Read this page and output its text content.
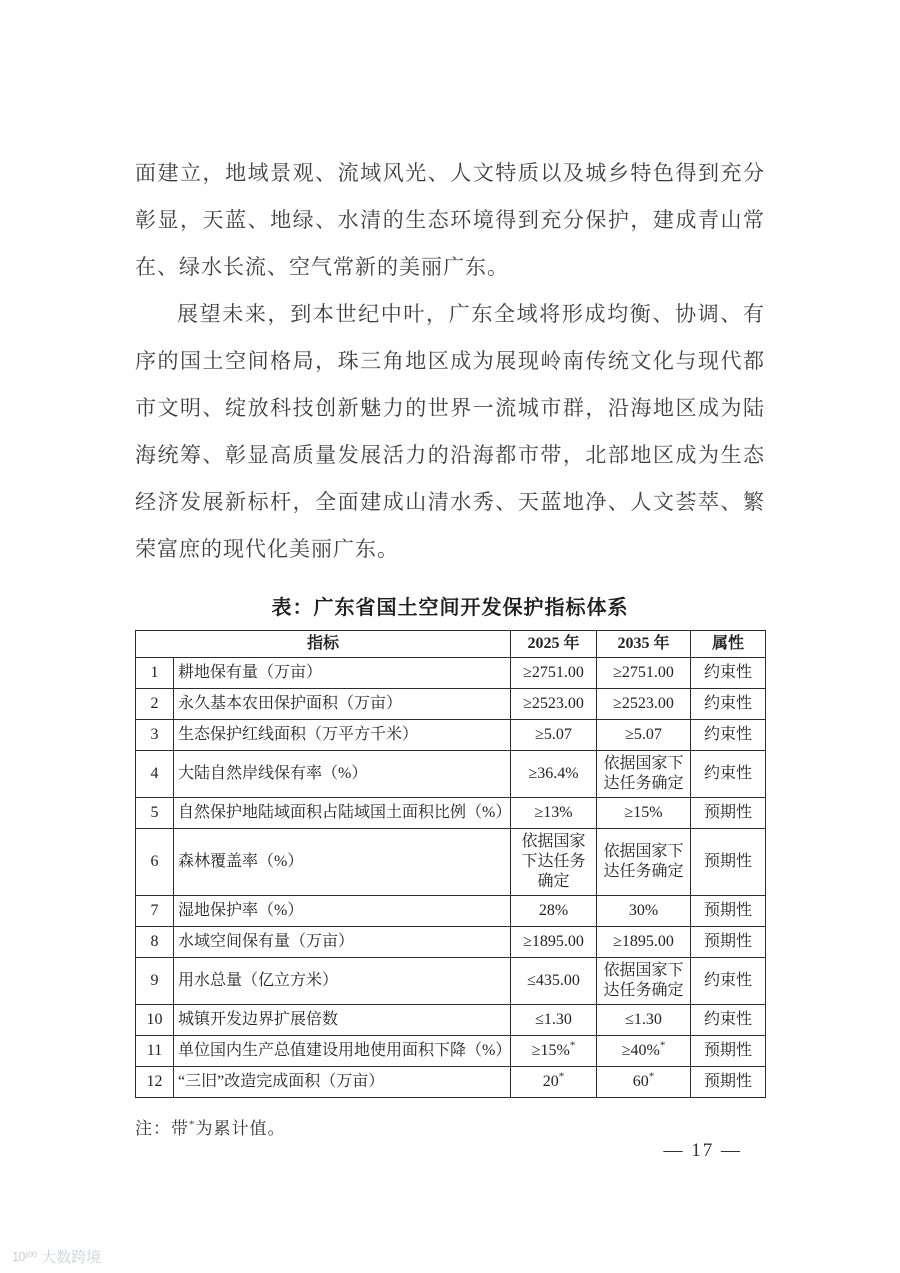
面建立，地域景观、流域风光、人文特质以及城乡特色得到充分彰显，天蓝、地绿、水清的生态环境得到充分保护，建成青山常在、绿水长流、空气常新的美丽广东。

展望未来，到本世纪中叶，广东全域将形成均衡、协调、有序的国土空间格局，珠三角地区成为展现岭南传统文化与现代都市文明、绽放科技创新魅力的世界一流城市群，沿海地区成为陆海统筹、彰显高质量发展活力的沿海都市带，北部地区成为生态经济发展新标杆，全面建成山清水秀、天蓝地净、人文荟萃、繁荣富庶的现代化美丽广东。

表：广东省国土空间开发保护指标体系
指标		2025 年	2035 年	属性
1	耕地保有量（万亩）	≥2751.00	≥2751.00	约束性
2	永久基本农田保护面积（万亩）	≥2523.00	≥2523.00	约束性
3	生态保护红线面积（万平方千米）	≥5.07	≥5.07	约束性
4	大陆自然岸线保有率（%）	≥36.4%	依据国家下达任务确定	约束性
5	自然保护地陆域面积占陆域国土面积比例（%）	≥13%	≥15%	预期性
6	森林覆盖率（%）	依据国家下达任务确定	依据国家下达任务确定	预期性
7	湿地保护率（%）	28%	30%	预期性
8	水域空间保有量（万亩）	≥1895.00	≥1895.00	预期性
9	用水总量（亿立方米）	≤435.00	依据国家下达任务确定	约束性
10	城镇开发边界扩展倍数	≤1.30	≤1.30	约束性
11	单位国内生产总值建设用地使用面积下降（%）	≥15%*	≥40%*	预期性
12	“三旧”改造完成面积（万亩）	20*	60*	预期性
注：带*为累计值。
— 17 —
10¹⁰⁰ 大数跨境
